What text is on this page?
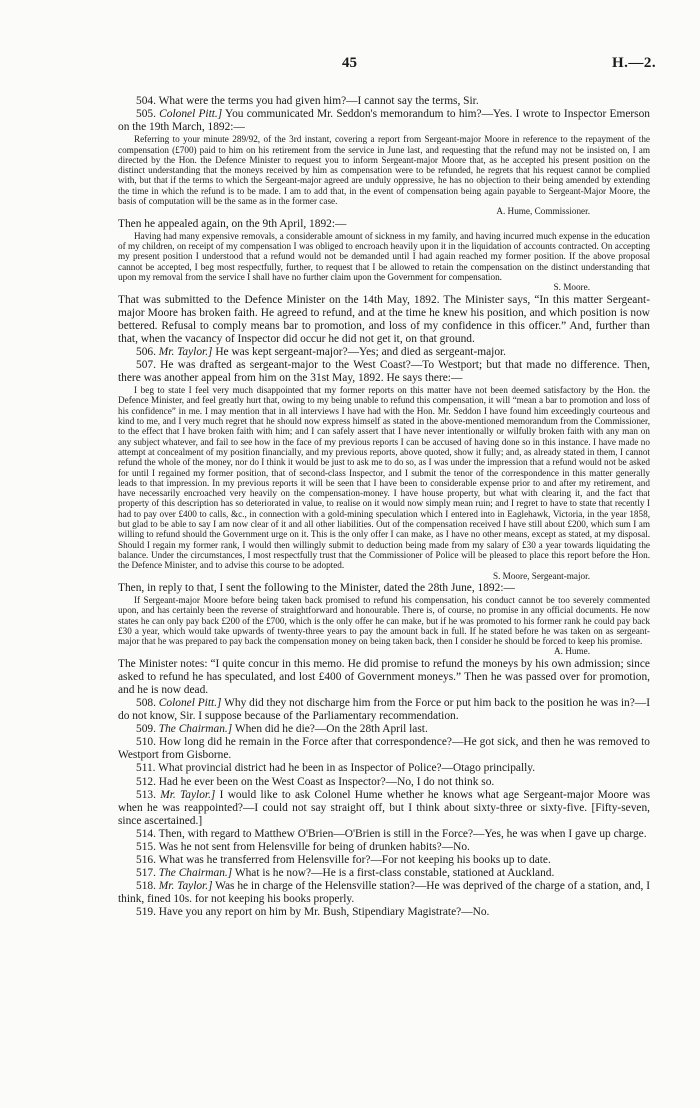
45	H.—2.

504. What were the terms you had given him?—I cannot say the terms, Sir.

505. Colonel Pitt.] You communicated Mr. Seddon's memorandum to him?—Yes. I wrote to Inspector Emerson on the 19th March, 1892:—

Referring to your minute 289/92, of the 3rd instant, covering a report from Sergeant-major Moore in reference to the repayment of the compensation (£700) paid to him on his retirement from the service in June last, and requesting that the refund may not be insisted on, I am directed by the Hon. the Defence Minister to request you to inform Sergeant-major Moore that, as he accepted his present position on the distinct understanding that the moneys received by him as compensation were to be refunded, he regrets that his request cannot be complied with, but that if the terms to which the Sergeant-major agreed are unduly oppressive, he has no objection to their being amended by extending the time in which the refund is to be made. I am to add that, in the event of compensation being again payable to Sergeant-Major Moore, the basis of computation will be the same as in the former case.

A. Hume, Commissioner.

Then he appealed again, on the 9th April, 1892:—

Having had many expensive removals, a considerable amount of sickness in my family, and having incurred much expense in the education of my children, on receipt of my compensation I was obliged to encroach heavily upon it in the liquidation of accounts contracted. On accepting my present position I understood that a refund would not be demanded until I had again reached my former position. If the above proposal cannot be accepted, I beg most respectfully, further, to request that I be allowed to retain the compensation on the distinct understanding that upon my removal from the service I shall have no further claim upon the Government for compensation.

S. Moore.

That was submitted to the Defence Minister on the 14th May, 1892. The Minister says, “In this matter Sergeant-major Moore has broken faith. He agreed to refund, and at the time he knew his position, and which position is now bettered. Refusal to comply means bar to promotion, and loss of my confidence in this officer.” And, further than that, when the vacancy of Inspector did occur he did not get it, on that ground.

506. Mr. Taylor.] He was kept sergeant-major?—Yes; and died as sergeant-major.

507. He was drafted as sergeant-major to the West Coast?—To Westport; but that made no difference. Then, there was another appeal from him on the 31st May, 1892. He says there:—

I beg to state I feel very much disappointed that my former reports on this matter have not been deemed satisfactory by the Hon. the Defence Minister, and feel greatly hurt that, owing to my being unable to refund this compensation, it will “mean a bar to promotion and loss of his confidence” in me. I may mention that in all interviews I have had with the Hon. Mr. Seddon I have found him exceedingly courteous and kind to me, and I very much regret that he should now express himself as stated in the above-mentioned memorandum from the Commissioner, to the effect that I have broken faith with him; and I can safely assert that I have never intentionally or wilfully broken faith with any man on any subject whatever, and fail to see how in the face of my previous reports I can be accused of having done so in this instance. I have made no attempt at concealment of my position financially, and my previous reports, above quoted, show it fully; and, as already stated in them, I cannot refund the whole of the money, nor do I think it would be just to ask me to do so, as I was under the impression that a refund would not be asked for until I regained my former position, that of second-class Inspector, and I submit the tenor of the correspondence in this matter generally leads to that impression. In my previous reports it will be seen that I have been to considerable expense prior to and after my retirement, and have necessarily encroached very heavily on the compensation-money. I have house property, but what with clearing it, and the fact that property of this description has so deteriorated in value, to realise on it would now simply mean ruin; and I regret to have to state that recently I had to pay over £400 to calls, &c., in connection with a gold-mining speculation which I entered into in Eaglehawk, Victoria, in the year 1858, but glad to be able to say I am now clear of it and all other liabilities. Out of the compensation received I have still about £200, which sum I am willing to refund should the Government urge on it. This is the only offer I can make, as I have no other means, except as stated, at my disposal. Should I regain my former rank, I would then willingly submit to deduction being made from my salary of £30 a year towards liquidating the balance. Under the circumstances, I most respectfully trust that the Commissioner of Police will be pleased to place this report before the Hon. the Defence Minister, and to advise this course to be adopted.

S. Moore, Sergeant-major.

Then, in reply to that, I sent the following to the Minister, dated the 28th June, 1892:—

If Sergeant-major Moore before being taken back promised to refund his compensation, his conduct cannot be too severely commented upon, and has certainly been the reverse of straightforward and honourable. There is, of course, no promise in any official documents. He now states he can only pay back £200 of the £700, which is the only offer he can make, but if he was promoted to his former rank he could pay back £30 a year, which would take upwards of twenty-three years to pay the amount back in full. If he stated before he was taken on as sergeant-major that he was prepared to pay back the compensation money on being taken back, then I consider he should be forced to keep his promise.

A. Hume.

The Minister notes: “I quite concur in this memo. He did promise to refund the moneys by his own admission; since asked to refund he has speculated, and lost £400 of Government moneys.” Then he was passed over for promotion, and he is now dead.

508. Colonel Pitt.] Why did they not discharge him from the Force or put him back to the position he was in?—I do not know, Sir. I suppose because of the Parliamentary recommendation.

509. The Chairman.] When did he die?—On the 28th April last.

510. How long did he remain in the Force after that correspondence?—He got sick, and then he was removed to Westport from Gisborne.

511. What provincial district had he been in as Inspector of Police?—Otago principally.

512. Had he ever been on the West Coast as Inspector?—No, I do not think so.

513. Mr. Taylor.] I would like to ask Colonel Hume whether he knows what age Sergeant-major Moore was when he was reappointed?—I could not say straight off, but I think about sixty-three or sixty-five. [Fifty-seven, since ascertained.]

514. Then, with regard to Matthew O'Brien—O'Brien is still in the Force?—Yes, he was when I gave up charge.

515. Was he not sent from Helensville for being of drunken habits?—No.

516. What was he transferred from Helensville for?—For not keeping his books up to date.

517. The Chairman.] What is he now?—He is a first-class constable, stationed at Auckland.

518. Mr. Taylor.] Was he in charge of the Helensville station?—He was deprived of the charge of a station, and, I think, fined 10s. for not keeping his books properly.

519. Have you any report on him by Mr. Bush, Stipendiary Magistrate?—No.
